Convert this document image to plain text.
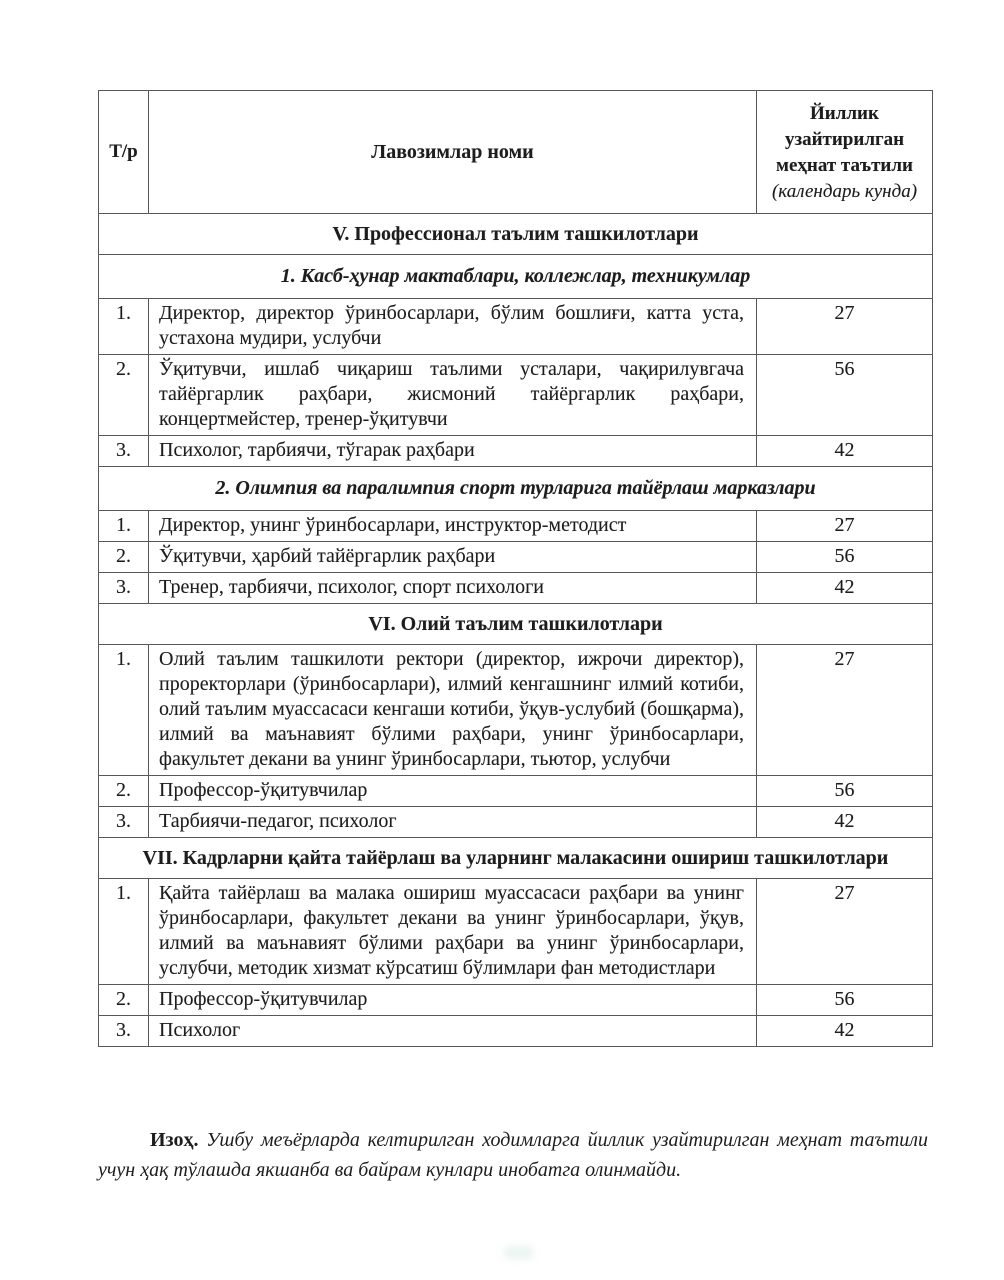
Т/р	Лавозимлар номи	Йиллик узайтирилган меҳнат таътили
(календарь кунда)

V. Профессионал таълим ташкилотлари		
1. Касб-ҳунар мактаблари, коллежлар, техникумлар		
1.	Директор, директор ўринбосарлари, бўлим бошлиғи, катта уста, устахона мудири, услубчи	27
2.	Ўқитувчи, ишлаб чиқариш таълими усталари, чақирилувгача тайёргарлик раҳбари, жисмоний тайёргарлик раҳбари, концертмейстер, тренер-ўқитувчи	56
3.	Психолог, тарбиячи, тўгарак раҳбари	42
2. Олимпия ва паралимпия спорт турларига тайёрлаш марказлари		
1.	Директор, унинг ўринбосарлари, инструктор-методист	27
2.	Ўқитувчи, ҳарбий тайёргарлик раҳбари	56
3.	Тренер, тарбиячи, психолог, спорт психологи	42
VI. Олий таълим ташкилотлари		
1.	Олий таълим ташкилоти ректори (директор, ижрочи директор), проректорлари (ўринбосарлари), илмий кенгашнинг илмий котиби, олий таълим муассасаси кенгаши котиби, ўқув-услубий (бошқарма), илмий ва маънавият бўлими раҳбари, унинг ўринбосарлари, факультет декани ва унинг ўринбосарлари, тьютор, услубчи	27
2.	Профессор-ўқитувчилар	56
3.	Тарбиячи-педагог, психолог	42
VII. Кадрларни қайта тайёрлаш ва уларнинг малакасини ошириш ташкилотлари		
1.	Қайта тайёрлаш ва малака ошириш муассасаси раҳбари ва унинг ўринбосарлари, факультет декани ва унинг ўринбосарлари, ўқув, илмий ва маънавият бўлими раҳбари ва унинг ўринбосарлари, услубчи, методик хизмат кўрсатиш бўлимлари фан методистлари	27
2.	Профессор-ўқитувчилар	56
3.	Психолог	42

Изоҳ. Ушбу меъёрларда келтирилган ходимларга йиллик узайтирилган меҳнат таътили учун ҳақ тўлашда якшанба ва байрам кунлари инобатга олинмайди.
